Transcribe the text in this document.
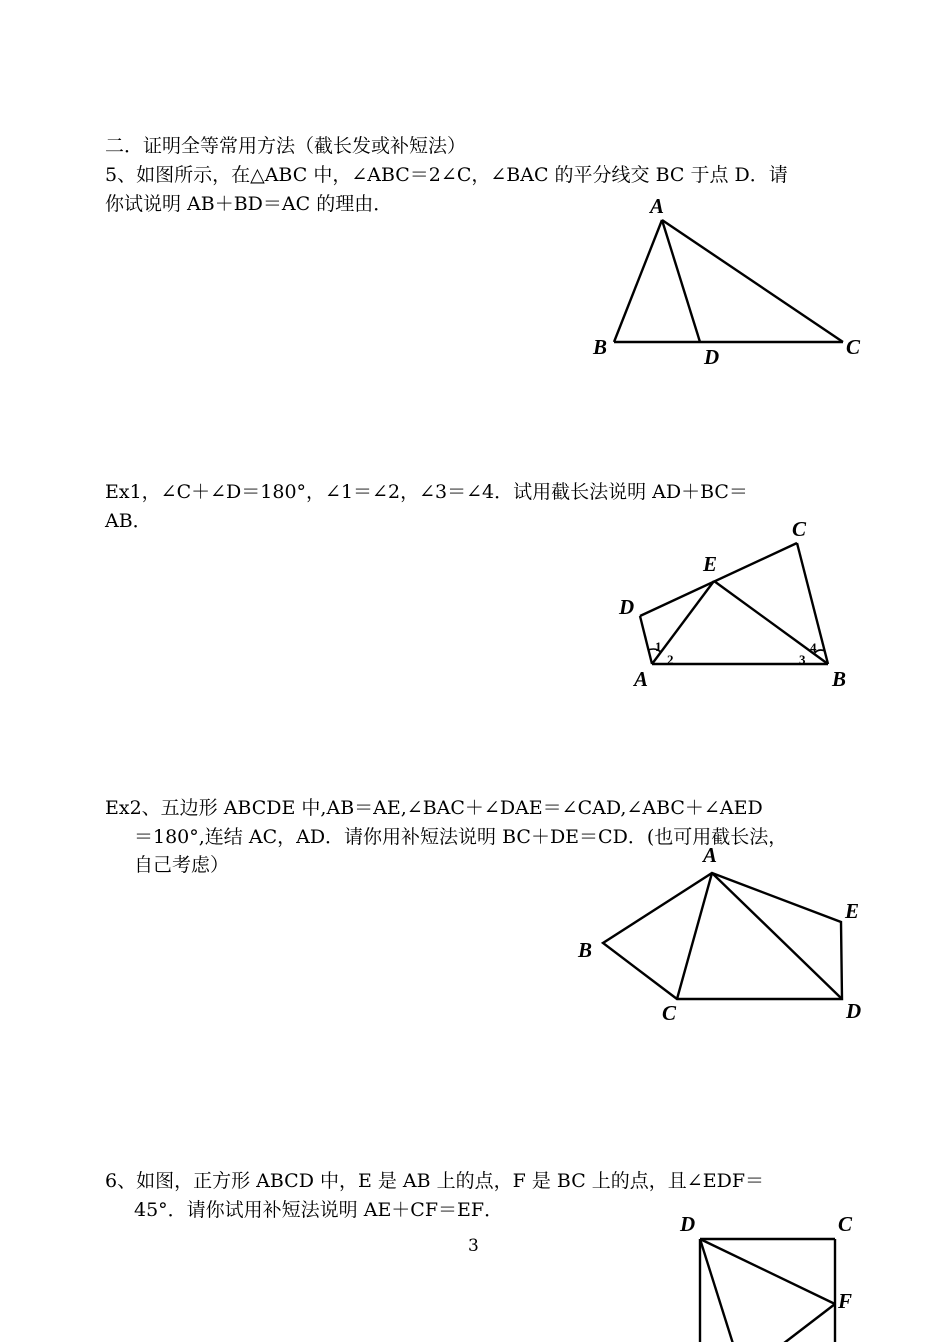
二．证明全等常用方法（截长发或补短法）

5、如图所示，在△ABC 中，∠ABC＝2∠C，∠BAC 的平分线交 BC 于点 D．请

你试说明 AB＋BD＝AC 的理由．	A
B	C
D

Ex1，∠C＋∠D＝180°，∠1＝∠2，∠3＝∠4．试用截长法说明 AD＋BC＝

AB．	C
E
D
A	B
1
2	3
4

Ex2、五边形 ABCDE 中,AB＝AE,∠BAC＋∠DAE＝∠CAD,∠ABC＋∠AED

＝180°,连结 AC，AD．请你用补短法说明 BC＋DE＝CD．(也可用截长法，

自己考虑）	A
E
B
C	D

6、如图，正方形 ABCD 中，E 是 AB 上的点，F 是 BC 上的点，且∠EDF＝

45°．请你试用补短法说明 AE＋CF＝EF．

D	C
F
3
